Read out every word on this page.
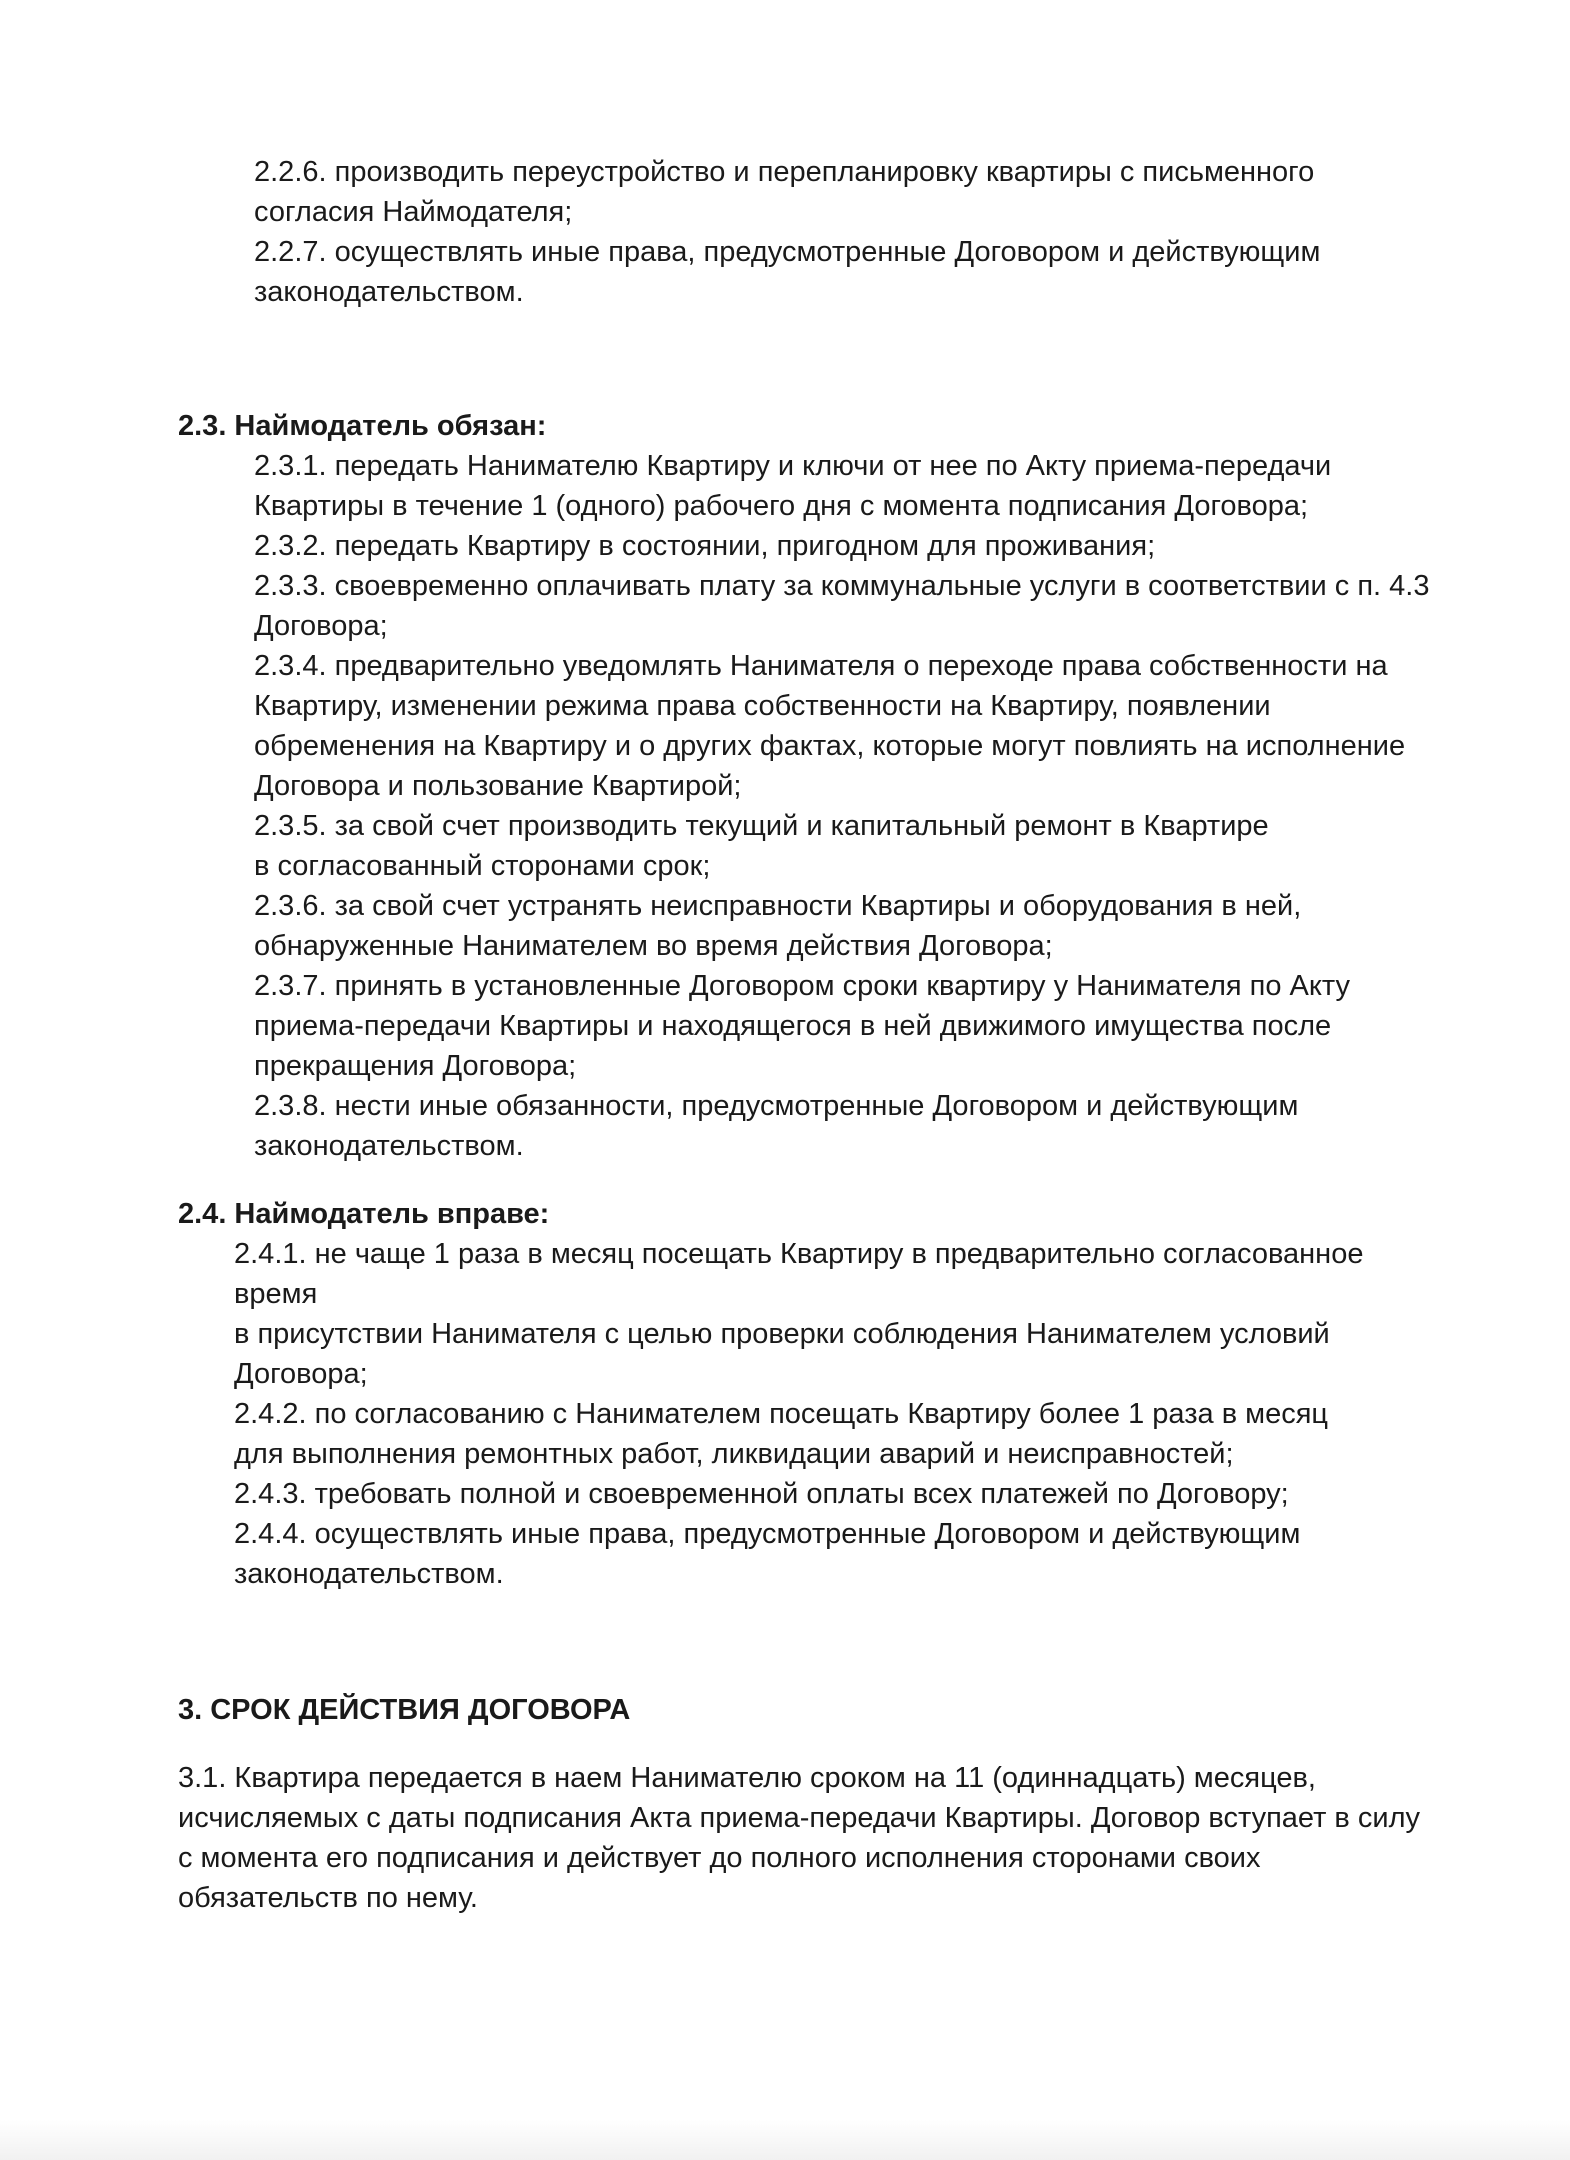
2.2.6. производить переустройство и перепланировку квартиры с письменного

согласия Наймодателя;

2.2.7. осуществлять иные права, предусмотренные Договором и действующим

законодательством.

2.3. Наймодатель обязан:

2.3.1. передать Нанимателю Квартиру и ключи от нее по Акту приема-передачи

Квартиры в течение 1 (одного) рабочего дня с момента подписания Договора;

2.3.2. передать Квартиру в состоянии, пригодном для проживания;

2.3.3. своевременно оплачивать плату за коммунальные услуги в соответствии с п. 4.3

Договора;

2.3.4. предварительно уведомлять Нанимателя о переходе права собственности на

Квартиру, изменении режима права собственности на Квартиру, появлении

обременения на Квартиру и о других фактах, которые могут повлиять на исполнение

Договора и пользование Квартирой;

2.3.5. за свой счет производить текущий и капитальный ремонт в Квартире

в согласованный сторонами срок;

2.3.6. за свой счет устранять неисправности Квартиры и оборудования в ней,

обнаруженные Нанимателем во время действия Договора;

2.3.7. принять в установленные Договором сроки квартиру у Нанимателя по Акту

приема-передачи Квартиры и находящегося в ней движимого имущества после

прекращения Договора;

2.3.8. нести иные обязанности, предусмотренные Договором и действующим

законодательством.

2.4. Наймодатель вправе:

2.4.1. не чаще 1 раза в месяц посещать Квартиру в предварительно согласованное

время

в присутствии Нанимателя с целью проверки соблюдения Нанимателем условий

Договора;

2.4.2. по согласованию с Нанимателем посещать Квартиру более 1 раза в месяц

для выполнения ремонтных работ, ликвидации аварий и неисправностей;

2.4.3. требовать полной и своевременной оплаты всех платежей по Договору;

2.4.4. осуществлять иные права, предусмотренные Договором и действующим

законодательством.

3. СРОК ДЕЙСТВИЯ ДОГОВОРА

3.1. Квартира передается в наем Нанимателю сроком на 11 (одиннадцать) месяцев,

исчисляемых с даты подписания Акта приема-передачи Квартиры. Договор вступает в силу

с момента его подписания и действует до полного исполнения сторонами своих

обязательств по нему.
